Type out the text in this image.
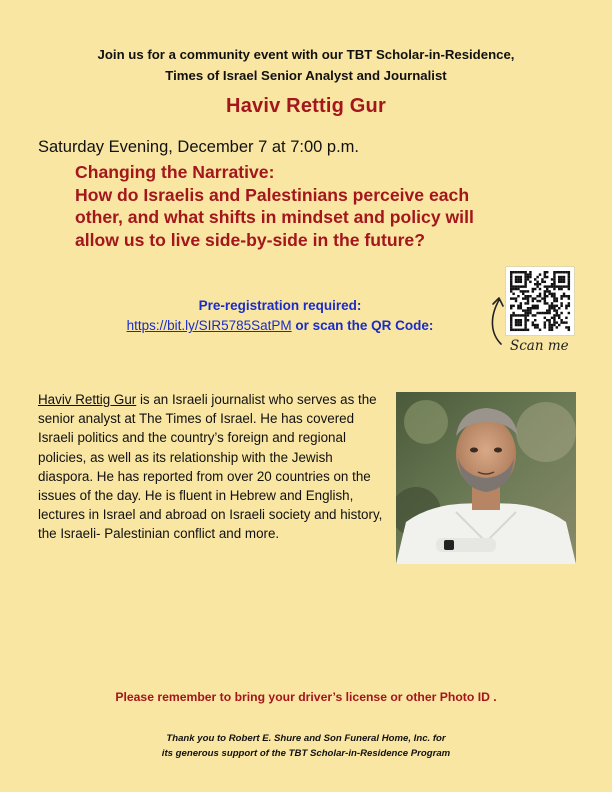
Join us for a community event with our TBT Scholar-in-Residence,
Times of Israel Senior Analyst and Journalist
Haviv Rettig Gur
Saturday Evening, December 7 at 7:00 p.m.
Changing the Narrative:
How do Israelis and Palestinians perceive each
other, and what shifts in mindset and policy will
allow us to live side-by-side in the future?
Pre-registration required:
https://bit.ly/SIR5785SatPM or scan the QR Code:
Scan me
Haviv Rettig Gur is an Israeli journalist who serves as the senior analyst at The Times of Israel. He has covered Israeli politics and the country’s foreign and regional policies, as well as its relationship with the Jewish diaspora. He has reported from over 20 countries on the issues of the day. He is fluent in Hebrew and English, lectures in Israel and abroad on Israeli society and history, the Israeli- Palestinian conflict and more.
Please remember to bring your driver’s license or other Photo ID .
Thank you to Robert E. Shure and Son Funeral Home, Inc. for
its generous support of the TBT Scholar-in-Residence Program
